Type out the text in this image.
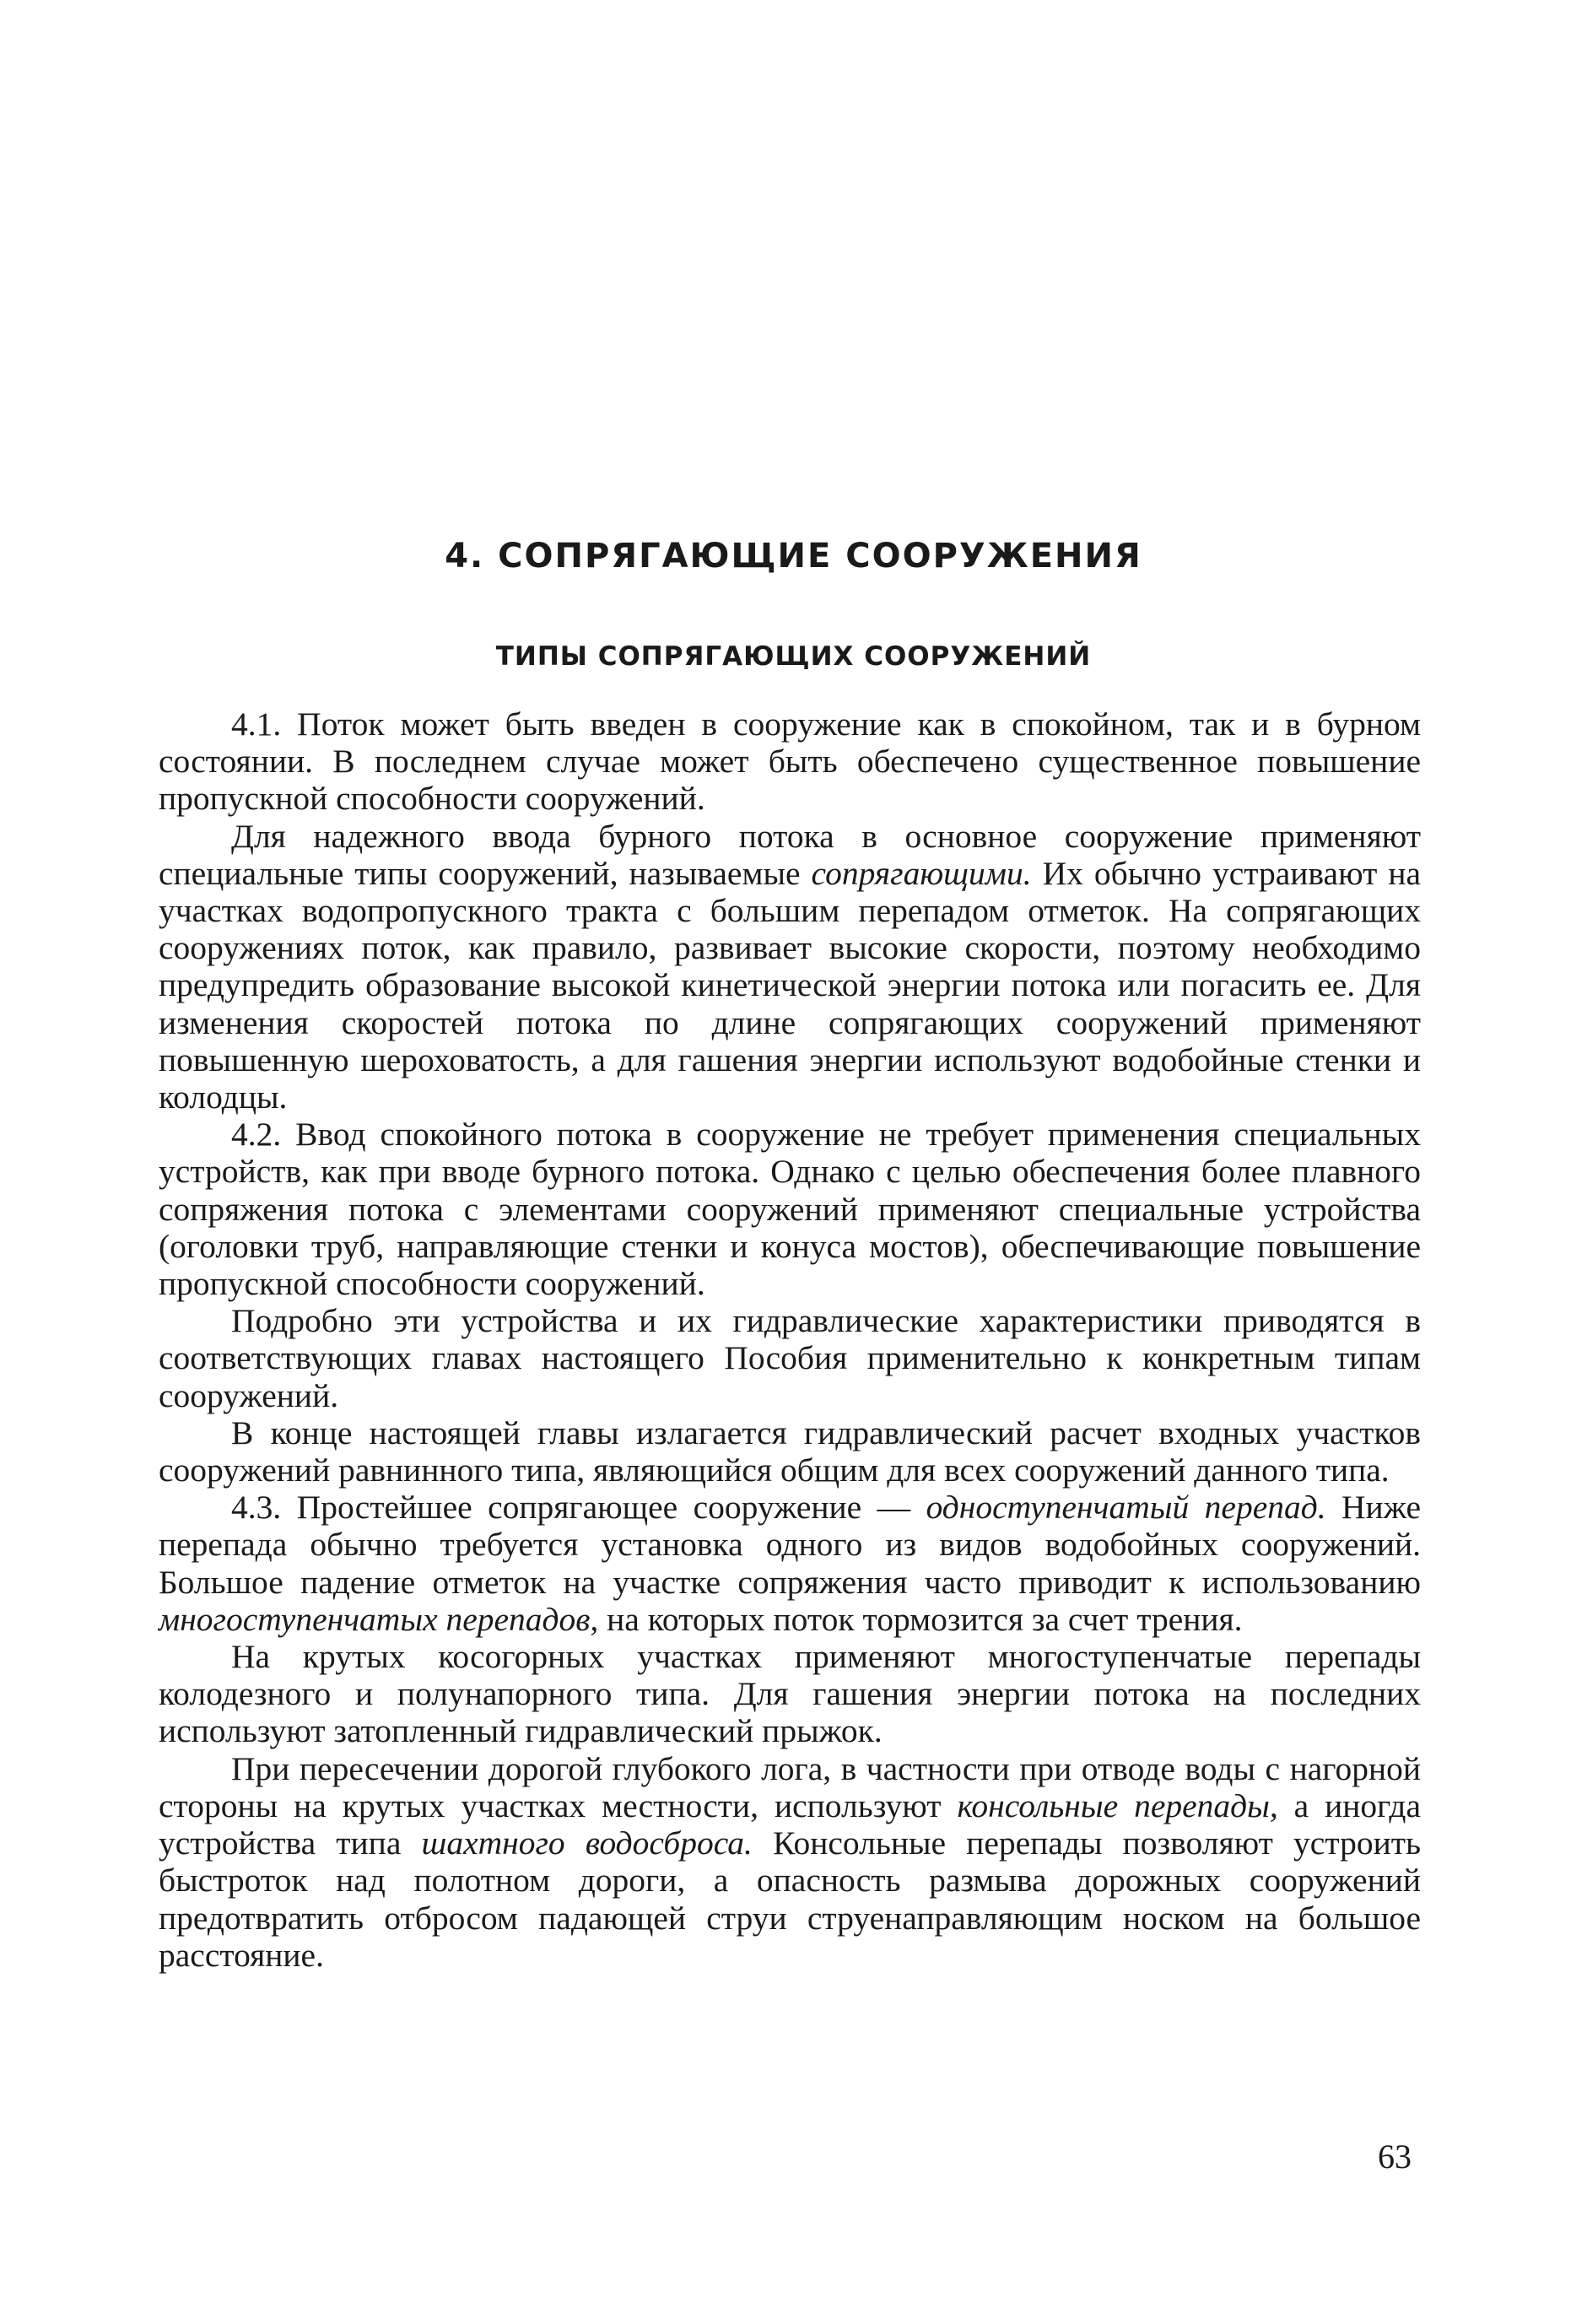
4. СОПРЯГАЮЩИЕ СООРУЖЕНИЯ
ТИПЫ СОПРЯГАЮЩИХ СООРУЖЕНИЙ

4.1. Поток может быть введен в сооружение как в спокойном, так и в бурном состоянии. В последнем случае может быть обеспечено существенное повышение пропускной способности сооружений.

Для надежного ввода бурного потока в основное сооружение применяют специальные типы сооружений, называемые сопрягающими. Их обычно устраивают на участках водопропускного тракта с большим перепадом отметок. На сопрягающих сооружениях поток, как правило, развивает высокие скорости, поэтому необходимо предупредить образование высокой кинетической энергии потока или погасить ее. Для изменения скоростей потока по длине сопрягающих сооружений применяют повышенную шероховатость, а для гашения энергии используют водобойные стенки и колодцы.

4.2. Ввод спокойного потока в сооружение не требует применения специальных устройств, как при вводе бурного потока. Однако с целью обеспечения более плавного сопряжения потока с элементами сооружений применяют специальные устройства (оголовки труб, направляющие стенки и конуса мостов), обеспечивающие повышение пропускной способности сооружений.

Подробно эти устройства и их гидравлические характеристики приводятся в соответствующих главах настоящего Пособия применительно к конкретным типам сооружений.

В конце настоящей главы излагается гидравлический расчет входных участков сооружений равнинного типа, являющийся общим для всех сооружений данного типа.

4.3. Простейшее сопрягающее сооружение — одноступенчатый перепад. Ниже перепада обычно требуется установка одного из видов водобойных сооружений. Большое падение отметок на участке сопряжения часто приводит к использованию многоступенчатых перепадов, на которых поток тормозится за счет трения.

На крутых косогорных участках применяют многоступенчатые перепады колодезного и полунапорного типа. Для гашения энергии потока на последних используют затопленный гидравлический прыжок.

При пересечении дорогой глубокого лога, в частности при отводе воды с нагорной стороны на крутых участках местности, используют консольные перепады, а иногда устройства типа шахтного водосброса. Консольные перепады позволяют устроить быстроток над полотном дороги, а опасность размыва дорожных сооружений предотвратить отбросом падающей струи струенаправляющим носком на большое расстояние.

63
